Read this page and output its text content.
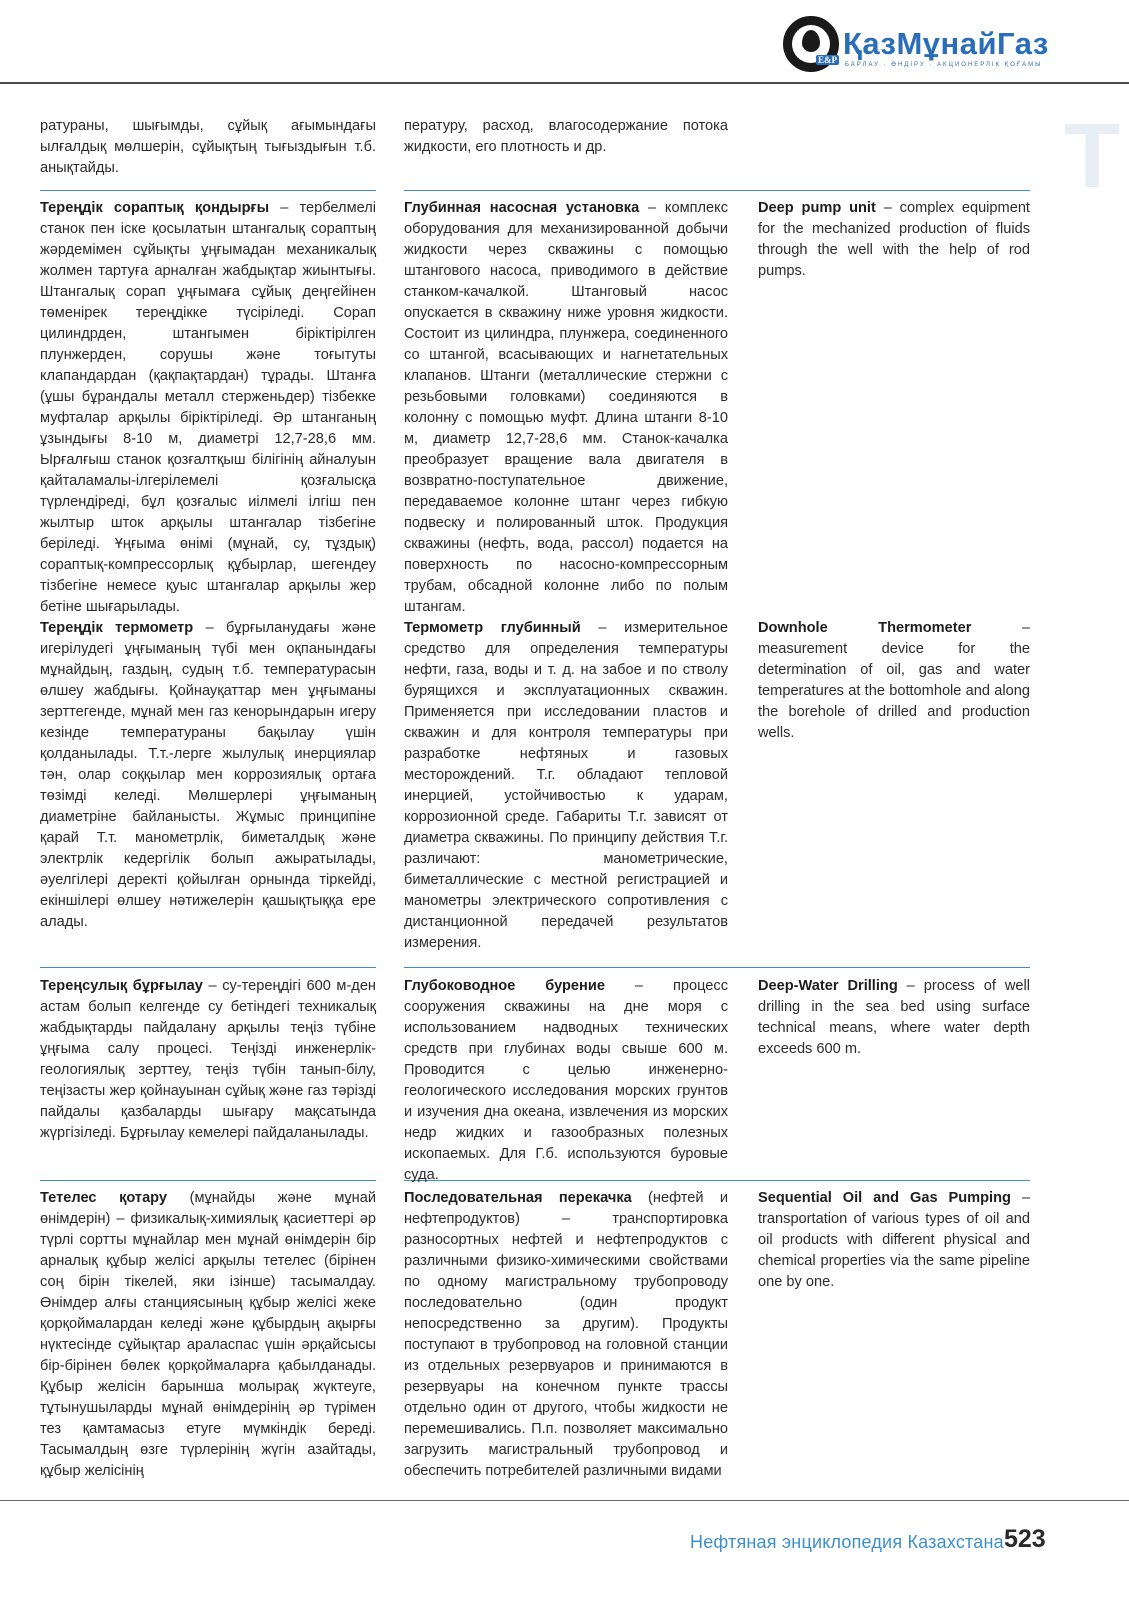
E&P ҚазМұнайГаз
БАРЛАУ · ӨНДІРУ · АКЦИОНЕРЛІК ҚОҒАМЫ
Т

ратураны, шығымды, сұйық ағымындағы ылғалдық мөлшерін, сұйықтың тығыздығын т.б. анықтайды.

пературу, расход, влагосодержание потока жидкости, его плотность и др.

Тереңдік сораптық қондырғы – тербелмелі станок пен іске қосылатын штангалық сораптың жәрдемімен сұйықты ұңғымадан механикалық жолмен тартуға арналған жабдықтар жиынтығы. Штангалық сорап ұңғымаға сұйық деңгейінен төменірек тереңдікке түсіріледі. Сорап цилиндрден, штангымен біріктірілген плунжерден, сорушы және тоғытуты клапандардан (қақпақтардан) тұрады. Штанға (ұшы бұрандалы металл стерженьдер) тізбекке муфталар арқылы біріктіріледі. Әр штанганың ұзындығы 8-10 м, диаметрі 12,7-28,6 мм. Ырғалғыш станок қозғалтқыш білігінің айналуын қайталамалы-ілгерілемелі қозғалысқа түрлендіреді, бұл қозғалыс иілмелі ілгіш пен жылтыр шток арқылы штангалар тізбегіне беріледі. Ұңғыма өнімі (мұнай, су, тұздық) сораптық-компрессорлық құбырлар, шегендеу тізбегіне немесе қуыс штангалар арқылы жер бетіне шығарылады.

Глубинная насосная установка – комплекс оборудования для механизированной добычи жидкости через скважины с помощью штангового насоса, приводимого в действие станком-качалкой. Штанговый насос опускается в скважину ниже уровня жидкости. Состоит из цилиндра, плунжера, соединенного со штангой, всасывающих и нагнетательных клапанов. Штанги (металлические стержни с резьбовыми головками) соединяются в колонну с помощью муфт. Длина штанги 8-10 м, диаметр 12,7-28,6 мм. Станок-качалка преобразует вращение вала двигателя в возвратно-поступательное движение, передаваемое колонне штанг через гибкую подвеску и полированный шток. Продукция скважины (нефть, вода, рассол) подается на поверхность по насосно-компрессорным трубам, обсадной колонне либо по полым штангам.

Deep pump unit – complex equipment for the mechanized production of fluids through the well with the help of rod pumps.

Тереңдік термометр – бұрғыланудағы және игерілудегі ұңғыманың түбі мен оқпанындағы мұнайдың, газдың, судың т.б. температурасын өлшеу жабдығы. Қойнауқаттар мен ұңғыманы зерттегенде, мұнай мен газ кенорындарын игеру кезінде температураны бақылау үшін қолданылады. Т.т.-лерге жылулық инерциялар тән, олар соққылар мен коррозиялық ортаға төзімді келеді. Мөлшерлері ұңғыманың диаметріне байланысты. Жұмыс принципіне қарай Т.т. манометрлік, биметалдық және электрлік кедергілік болып ажыратылады, әуелгілері деректі қойылған орнында тіркейді, екіншілері өлшеу нәтижелерін қашықтыққа ере алады.

Термометр глубинный – измерительное средство для определения температуры нефти, газа, воды и т. д. на забое и по стволу бурящихся и эксплуатационных скважин. Применяется при исследовании пластов и скважин и для контроля температуры при разработке нефтяных и газовых месторождений. Т.г. обладают тепловой инерцией, устойчивостью к ударам, коррозионной среде. Габариты Т.г. зависят от диаметра скважины. По принципу действия Т.г. различают: манометрические, биметаллические с местной регистрацией и манометры электрического сопротивления с дистанционной передачей результатов измерения.

Downhole Thermometer – measurement device for the determination of oil, gas and water temperatures at the bottomhole and along the borehole of drilled and production wells.

Тереңсулық бұрғылау – су-тереңдігі 600 м-ден астам болып келгенде су бетіндегі техникалық жабдықтарды пайдалану арқылы теңіз түбіне ұңғыма салу процесі. Теңізді инженерлік-геологиялық зерттеу, теңіз түбін танып-білу, теңізасты жер қойнауынан сұйық және газ тәрізді пайдалы қазбаларды шығару мақсатында жүргізіледі. Бұрғылау кемелері пайдаланылады.

Глубоководное бурение – процесс сооружения скважины на дне моря с использованием надводных технических средств при глубинах воды свыше 600 м. Проводится с целью инженерно-геологического исследования морских грунтов и изучения дна океана, извлечения из морских недр жидких и газообразных полезных ископаемых. Для Г.б. используются буровые суда.

Deep-Water Drilling – process of well drilling in the sea bed using surface technical means, where water depth exceeds 600 m.

Тетелес қотару (мұнайды және мұнай өнімдерін) – физикалық-химиялық қасиеттері әр түрлі сортты мұнайлар мен мұнай өнімдерін бір арналық құбыр желісі арқылы тетелес (бірінен соң бірін тікелей, яки ізінше) тасымалдау. Өнімдер алғы станциясының құбыр желісі жеке қорқоймалардан келеді және құбырдың ақырғы нүктесінде сұйықтар араласпас үшін әрқайсысы бір-бірінен бөлек қорқоймаларға қабылданады. Құбыр желісін барынша молырақ жүктеуге, тұтынушыларды мұнай өнімдерінің әр түрімен тез қамтамасыз етуге мүмкіндік береді. Тасымалдың өзге түрлерінің жүгін азайтады, құбыр желісінің

Последовательная перекачка (нефтей и нефтепродуктов) – транспортировка разносортных нефтей и нефтепродуктов с различными физико-химическими свойствами по одному магистральному трубопроводу последовательно (один продукт непосредственно за другим). Продукты поступают в трубопровод на головной станции из отдельных резервуаров и принимаются в резервуары на конечном пункте трассы отдельно один от другого, чтобы жидкости не перемешивались. П.п. позволяет максимально загрузить магистральный трубопровод и обеспечить потребителей различными видами

Sequential Oil and Gas Pumping – transportation of various types of oil and oil products with different physical and chemical properties via the same pipeline one by one.

Нефтяная энциклопедия Казахстана 523
